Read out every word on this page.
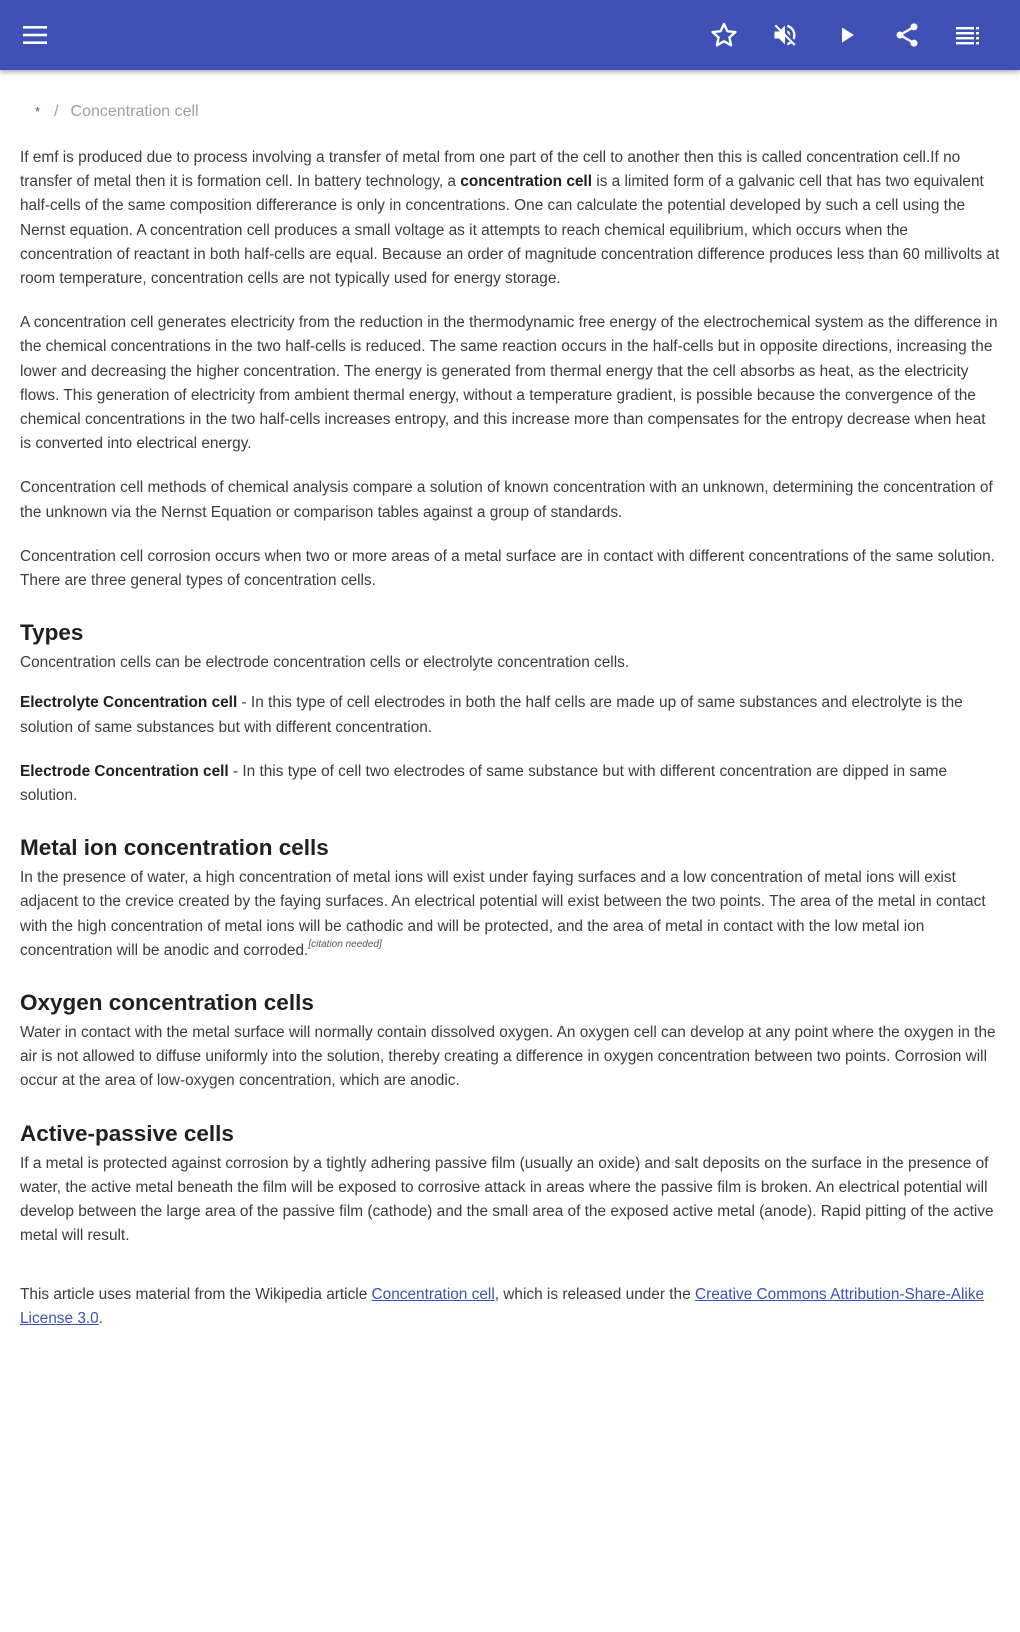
* / Concentration cell

If emf is produced due to process involving a transfer of metal from one part of the cell to another then this is called concentration cell.If no transfer of metal then it is formation cell. In battery technology, a concentration cell is a limited form of a galvanic cell that has two equivalent half-cells of the same composition differerance is only in concentrations. One can calculate the potential developed by such a cell using the Nernst equation. A concentration cell produces a small voltage as it attempts to reach chemical equilibrium, which occurs when the concentration of reactant in both half-cells are equal. Because an order of magnitude concentration difference produces less than 60 millivolts at room temperature, concentration cells are not typically used for energy storage.

A concentration cell generates electricity from the reduction in the thermodynamic free energy of the electrochemical system as the difference in the chemical concentrations in the two half-cells is reduced. The same reaction occurs in the half-cells but in opposite directions, increasing the lower and decreasing the higher concentration. The energy is generated from thermal energy that the cell absorbs as heat, as the electricity flows. This generation of electricity from ambient thermal energy, without a temperature gradient, is possible because the convergence of the chemical concentrations in the two half-cells increases entropy, and this increase more than compensates for the entropy decrease when heat is converted into electrical energy.

Concentration cell methods of chemical analysis compare a solution of known concentration with an unknown, determining the concentration of the unknown via the Nernst Equation or comparison tables against a group of standards.

Concentration cell corrosion occurs when two or more areas of a metal surface are in contact with different concentrations of the same solution. There are three general types of concentration cells.

Types

Concentration cells can be electrode concentration cells or electrolyte concentration cells.

Electrolyte Concentration cell - In this type of cell electrodes in both the half cells are made up of same substances and electrolyte is the solution of same substances but with different concentration.

Electrode Concentration cell - In this type of cell two electrodes of same substance but with different concentration are dipped in same solution.

Metal ion concentration cells

In the presence of water, a high concentration of metal ions will exist under faying surfaces and a low concentration of metal ions will exist adjacent to the crevice created by the faying surfaces. An electrical potential will exist between the two points. The area of the metal in contact with the high concentration of metal ions will be cathodic and will be protected, and the area of metal in contact with the low metal ion concentration will be anodic and corroded.[citation needed]

Oxygen concentration cells

Water in contact with the metal surface will normally contain dissolved oxygen. An oxygen cell can develop at any point where the oxygen in the air is not allowed to diffuse uniformly into the solution, thereby creating a difference in oxygen concentration between two points. Corrosion will occur at the area of low-oxygen concentration, which are anodic.

Active-passive cells

If a metal is protected against corrosion by a tightly adhering passive film (usually an oxide) and salt deposits on the surface in the presence of water, the active metal beneath the film will be exposed to corrosive attack in areas where the passive film is broken. An electrical potential will develop between the large area of the passive film (cathode) and the small area of the exposed active metal (anode). Rapid pitting of the active metal will result.

This article uses material from the Wikipedia article Concentration cell, which is released under the Creative Commons Attribution-Share-Alike License 3.0.
